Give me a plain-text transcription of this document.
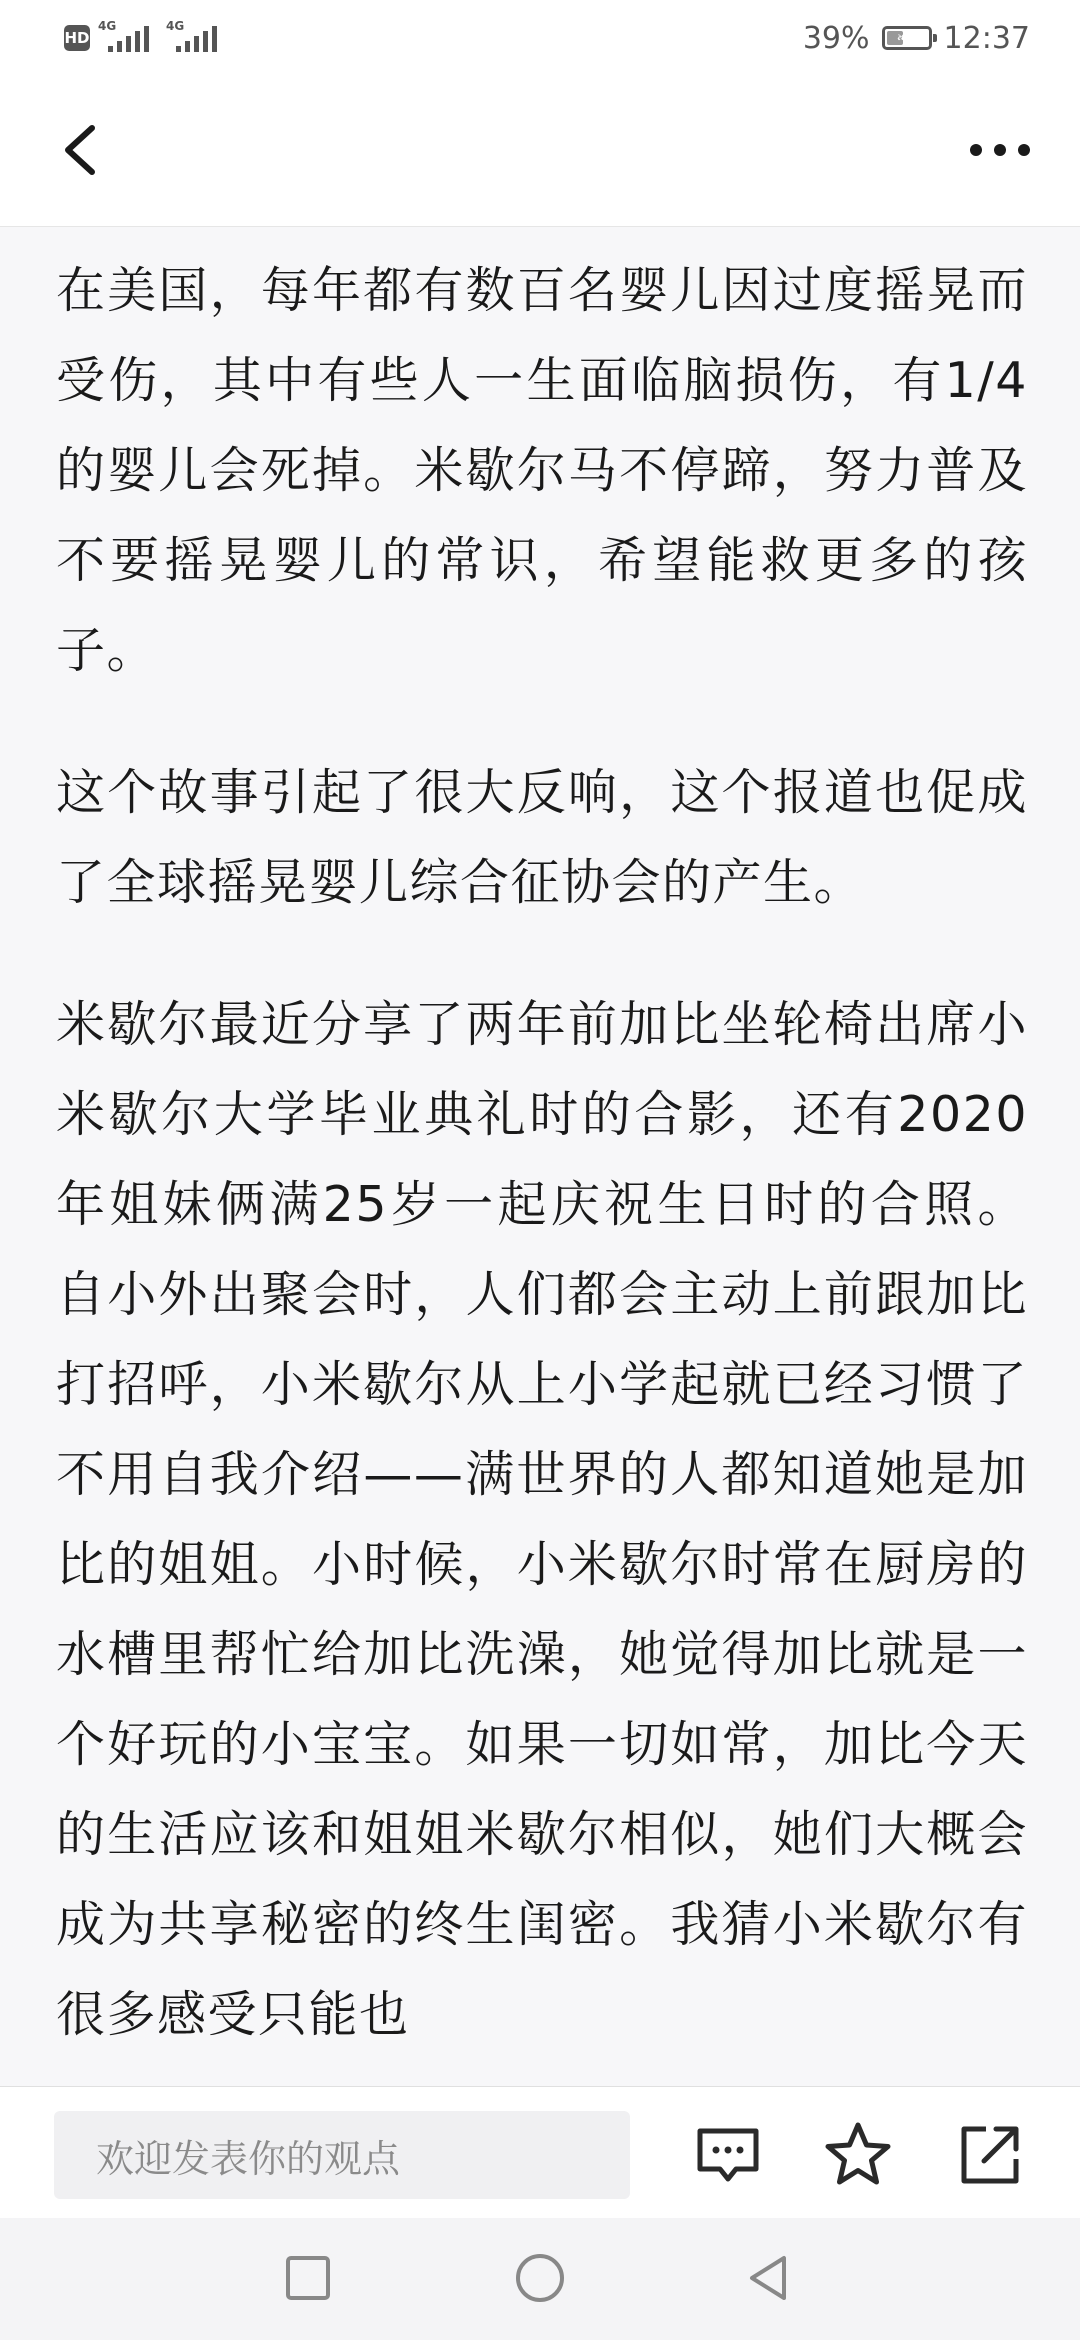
HD
4G	4G	39% ❧ 12:37

在美国，每年都有数百名婴儿因过度摇晃而受伤，其中有些人一生面临脑损伤，有1/4的婴儿会死掉。米歇尔马不停蹄，努力普及不要摇晃婴儿的常识，希望能救更多的孩子。

这个故事引起了很大反响，这个报道也促成了全球摇晃婴儿综合征协会的产生。

米歇尔最近分享了两年前加比坐轮椅出席小米歇尔大学毕业典礼时的合影，还有2020年姐妹俩满25岁一起庆祝生日时的合照。自小外出聚会时，人们都会主动上前跟加比打招呼，小米歇尔从上小学起就已经习惯了不用自我介绍——满世界的人都知道她是加比的姐姐。小时候，小米歇尔时常在厨房的水槽里帮忙给加比洗澡，她觉得加比就是一个好玩的小宝宝。如果一切如常，加比今天的生活应该和姐姐米歇尔相似，她们大概会成为共享秘密的终生闺密。我猜小米歇尔有很多感受只能也

欢迎发表你的观点
